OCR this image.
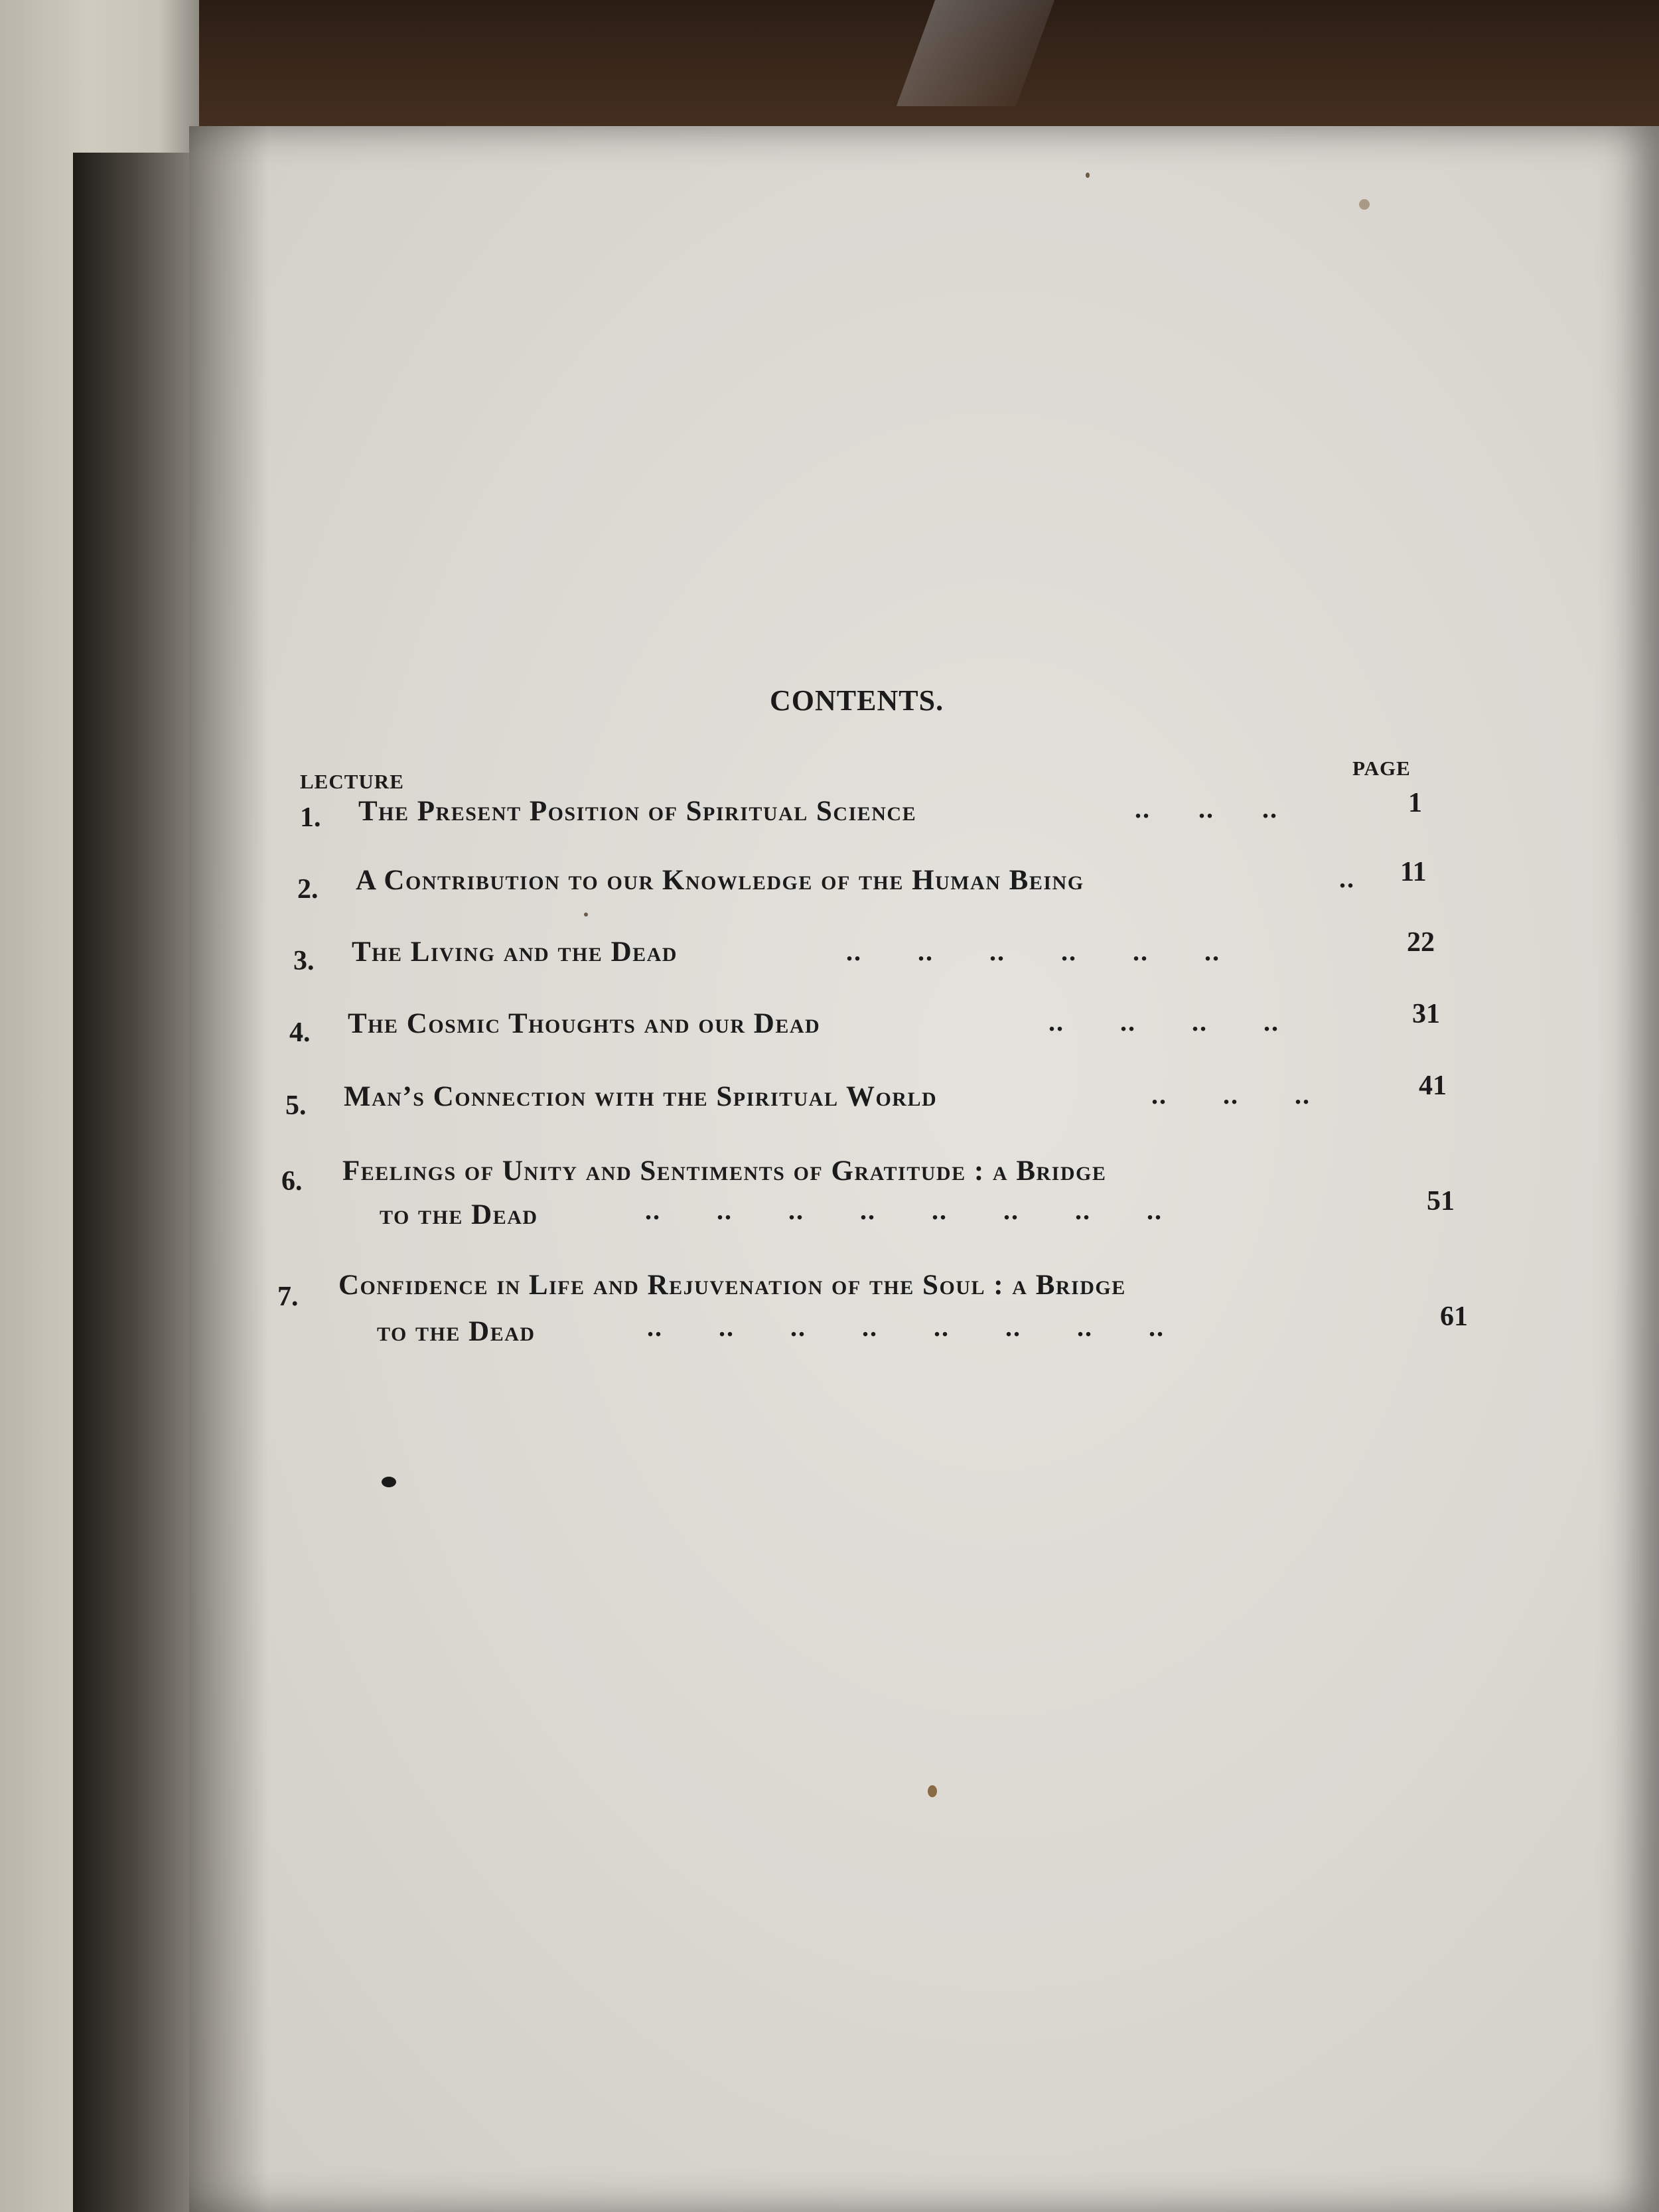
CONTENTS.
LECTURE
PAGE
1. The Present Position of Spiritual Science	..      ..      ..	1
2. A Contribution to our Knowledge of the Human Being	.. 11
3. The Living and the Dead	..       ..       ..       ..       ..       ..	22
4. The Cosmic Thoughts and our Dead	..       ..       ..       ..	31
5. Man’s Connection with the Spiritual World	..       ..       ..	41
6. Feelings of Unity and Sentiments of Gratitude : a Bridge
to the Dead	..       ..       ..       ..       ..       ..       ..       ..	51
7. Confidence in Life and Rejuvenation of the Soul : a Bridge
to the Dead	..       ..       ..       ..       ..       ..       ..       ..	61
